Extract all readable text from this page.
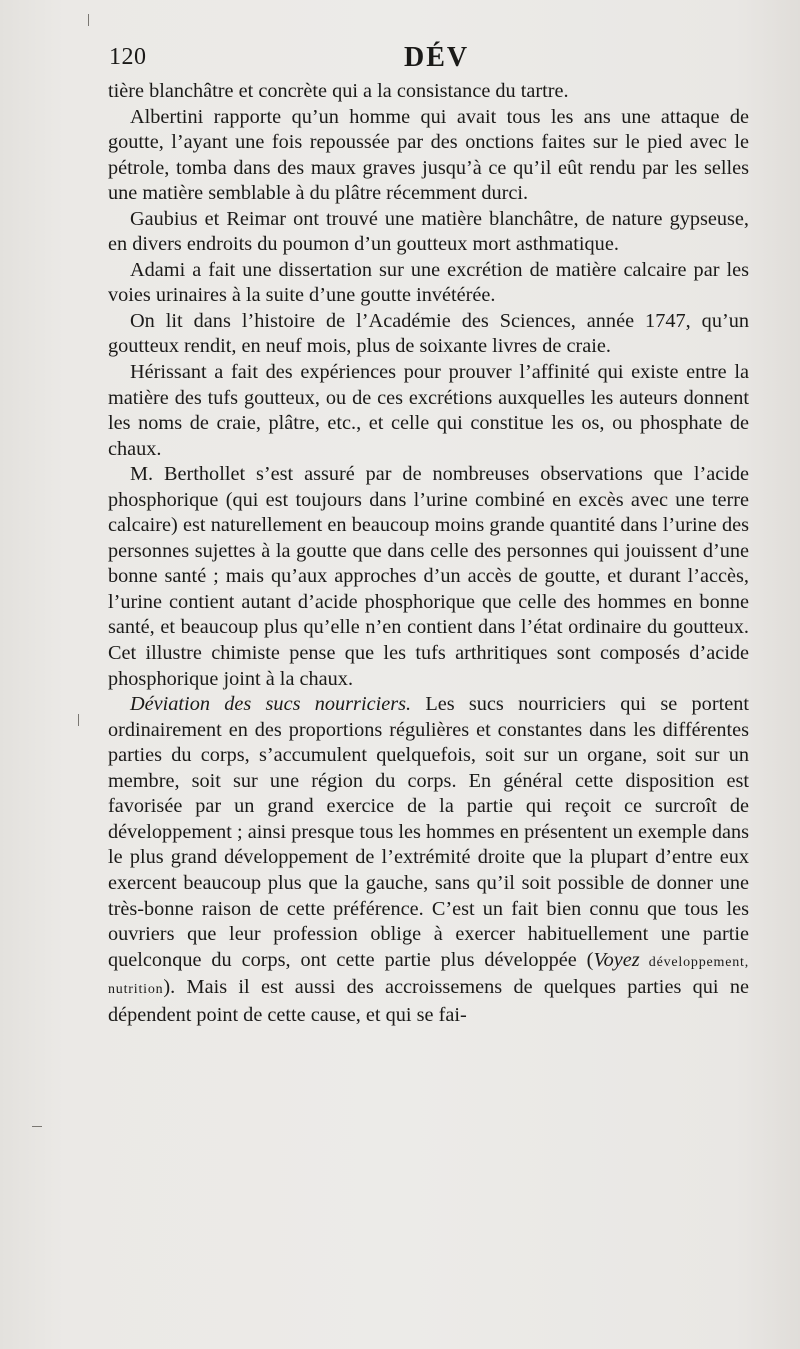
120	DÉV

tière blanchâtre et concrète qui a la consistance du tartre.

Albertini rapporte qu’un homme qui avait tous les ans une attaque de goutte, l’ayant une fois repoussée par des onctions faites sur le pied avec le pétrole, tomba dans des maux graves jusqu’à ce qu’il eût rendu par les selles une matière semblable à du plâtre récemment durci.

Gaubius et Reimar ont trouvé une matière blanchâtre, de nature gypseuse, en divers endroits du poumon d’un goutteux mort asthmatique.

Adami a fait une dissertation sur une excrétion de matière calcaire par les voies urinaires à la suite d’une goutte invétérée.

On lit dans l’histoire de l’Académie des Sciences, année 1747, qu’un goutteux rendit, en neuf mois, plus de soixante livres de craie.

Hérissant a fait des expériences pour prouver l’affinité qui existe entre la matière des tufs goutteux, ou de ces excrétions auxquelles les auteurs donnent les noms de craie, plâtre, etc., et celle qui constitue les os, ou phosphate de chaux.

M. Berthollet s’est assuré par de nombreuses observations que l’acide phosphorique (qui est toujours dans l’urine combiné en excès avec une terre calcaire) est naturellement en beaucoup moins grande quantité dans l’urine des personnes sujettes à la goutte que dans celle des personnes qui jouissent d’une bonne santé ; mais qu’aux approches d’un accès de goutte, et durant l’accès, l’urine contient autant d’acide phosphorique que celle des hommes en bonne santé, et beaucoup plus qu’elle n’en contient dans l’état ordinaire du goutteux. Cet illustre chimiste pense que les tufs arthritiques sont composés d’acide phosphorique joint à la chaux.

Déviation des sucs nourriciers. Les sucs nourriciers qui se portent ordinairement en des proportions régulières et constantes dans les différentes parties du corps, s’accumulent quelquefois, soit sur un organe, soit sur un membre, soit sur une région du corps. En général cette disposition est favorisée par un grand exercice de la partie qui reçoit ce surcroît de développement ; ainsi presque tous les hommes en présentent un exemple dans le plus grand développement de l’extrémité droite que la plupart d’entre eux exercent beaucoup plus que la gauche, sans qu’il soit possible de donner une très-bonne raison de cette préférence. C’est un fait bien connu que tous les ouvriers que leur profession oblige à exercer habituellement une partie quelconque du corps, ont cette partie plus développée (Voyez développement, nutrition). Mais il est aussi des accroissemens de quelques parties qui ne dépendent point de cette cause, et qui se fai-
